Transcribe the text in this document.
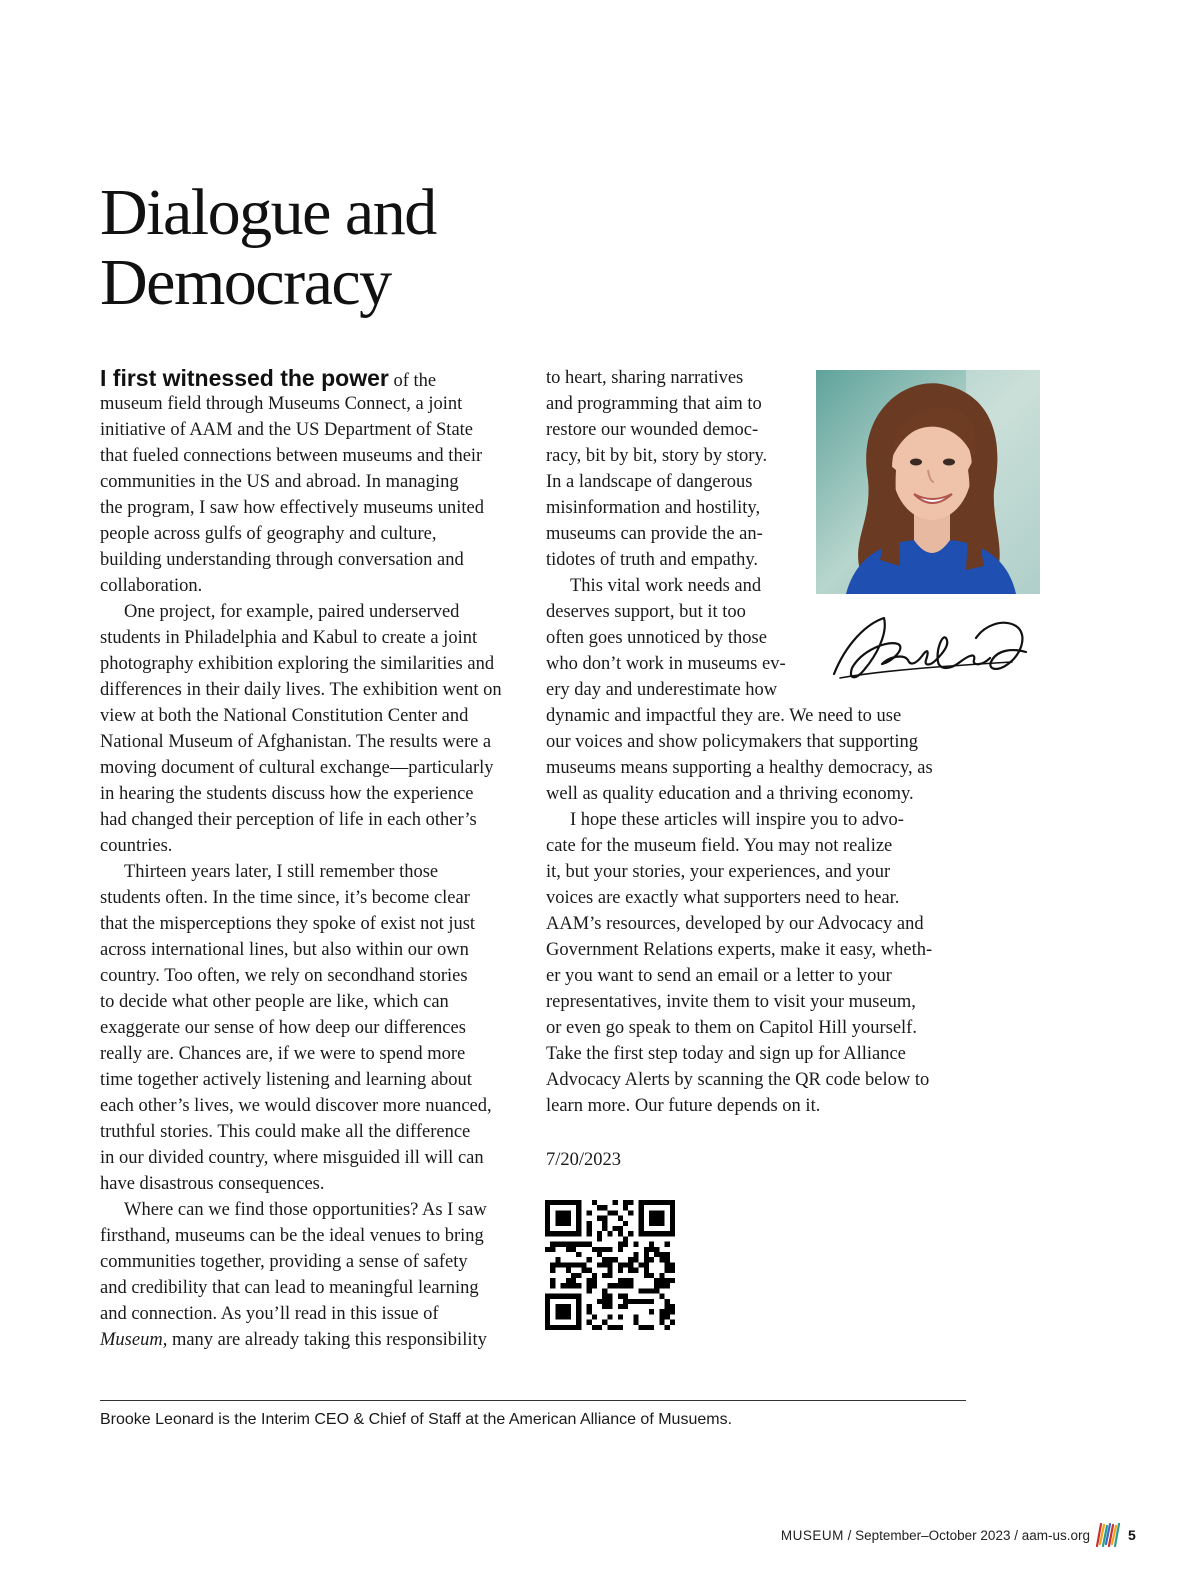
Dialogue and
Democracy

I first witnessed the power of the
museum field through Museums Connect, a joint
initiative of AAM and the US Department of State
that fueled connections between museums and their
communities in the US and abroad. In managing
the program, I saw how effectively museums united
people across gulfs of geography and culture,
building understanding through conversation and
collaboration.

One project, for example, paired underserved
students in Philadelphia and Kabul to create a joint
photography exhibition exploring the similarities and
differences in their daily lives. The exhibition went on
view at both the National Constitution Center and
National Museum of Afghanistan. The results were a
moving document of cultural exchange—particularly
in hearing the students discuss how the experience
had changed their perception of life in each other’s
countries.

Thirteen years later, I still remember those
students often. In the time since, it’s become clear
that the misperceptions they spoke of exist not just
across international lines, but also within our own
country. Too often, we rely on secondhand stories
to decide what other people are like, which can
exaggerate our sense of how deep our differences
really are. Chances are, if we were to spend more
time together actively listening and learning about
each other’s lives, we would discover more nuanced,
truthful stories. This could make all the difference
in our divided country, where misguided ill will can
have disastrous consequences.

Where can we find those opportunities? As I saw
firsthand, museums can be the ideal venues to bring
communities together, providing a sense of safety
and credibility that can lead to meaningful learning
and connection. As you’ll read in this issue of
Museum, many are already taking this responsibility

to heart, sharing narratives
and programming that aim to
restore our wounded democ-
racy, bit by bit, story by story.
In a landscape of dangerous
misinformation and hostility,
museums can provide the an-
tidotes of truth and empathy.

This vital work needs and
deserves support, but it too
often goes unnoticed by those
who don’t work in museums ev-
ery day and underestimate how
dynamic and impactful they are. We need to use
our voices and show policymakers that supporting
museums means supporting a healthy democracy, as
well as quality education and a thriving economy.

I hope these articles will inspire you to advo-
cate for the museum field. You may not realize
it, but your stories, your experiences, and your
voices are exactly what supporters need to hear.
AAM’s resources, developed by our Advocacy and
Government Relations experts, make it easy, wheth-
er you want to send an email or a letter to your
representatives, invite them to visit your museum,
or even go speak to them on Capitol Hill yourself.
Take the first step today and sign up for Alliance
Advocacy Alerts by scanning the QR code below to
learn more. Our future depends on it.

7/20/2023

Brooke Leonard is the Interim CEO & Chief of Staff at the American Alliance of Musuems.
MUSEUM / September–October 2023 / aam-us.org	5
